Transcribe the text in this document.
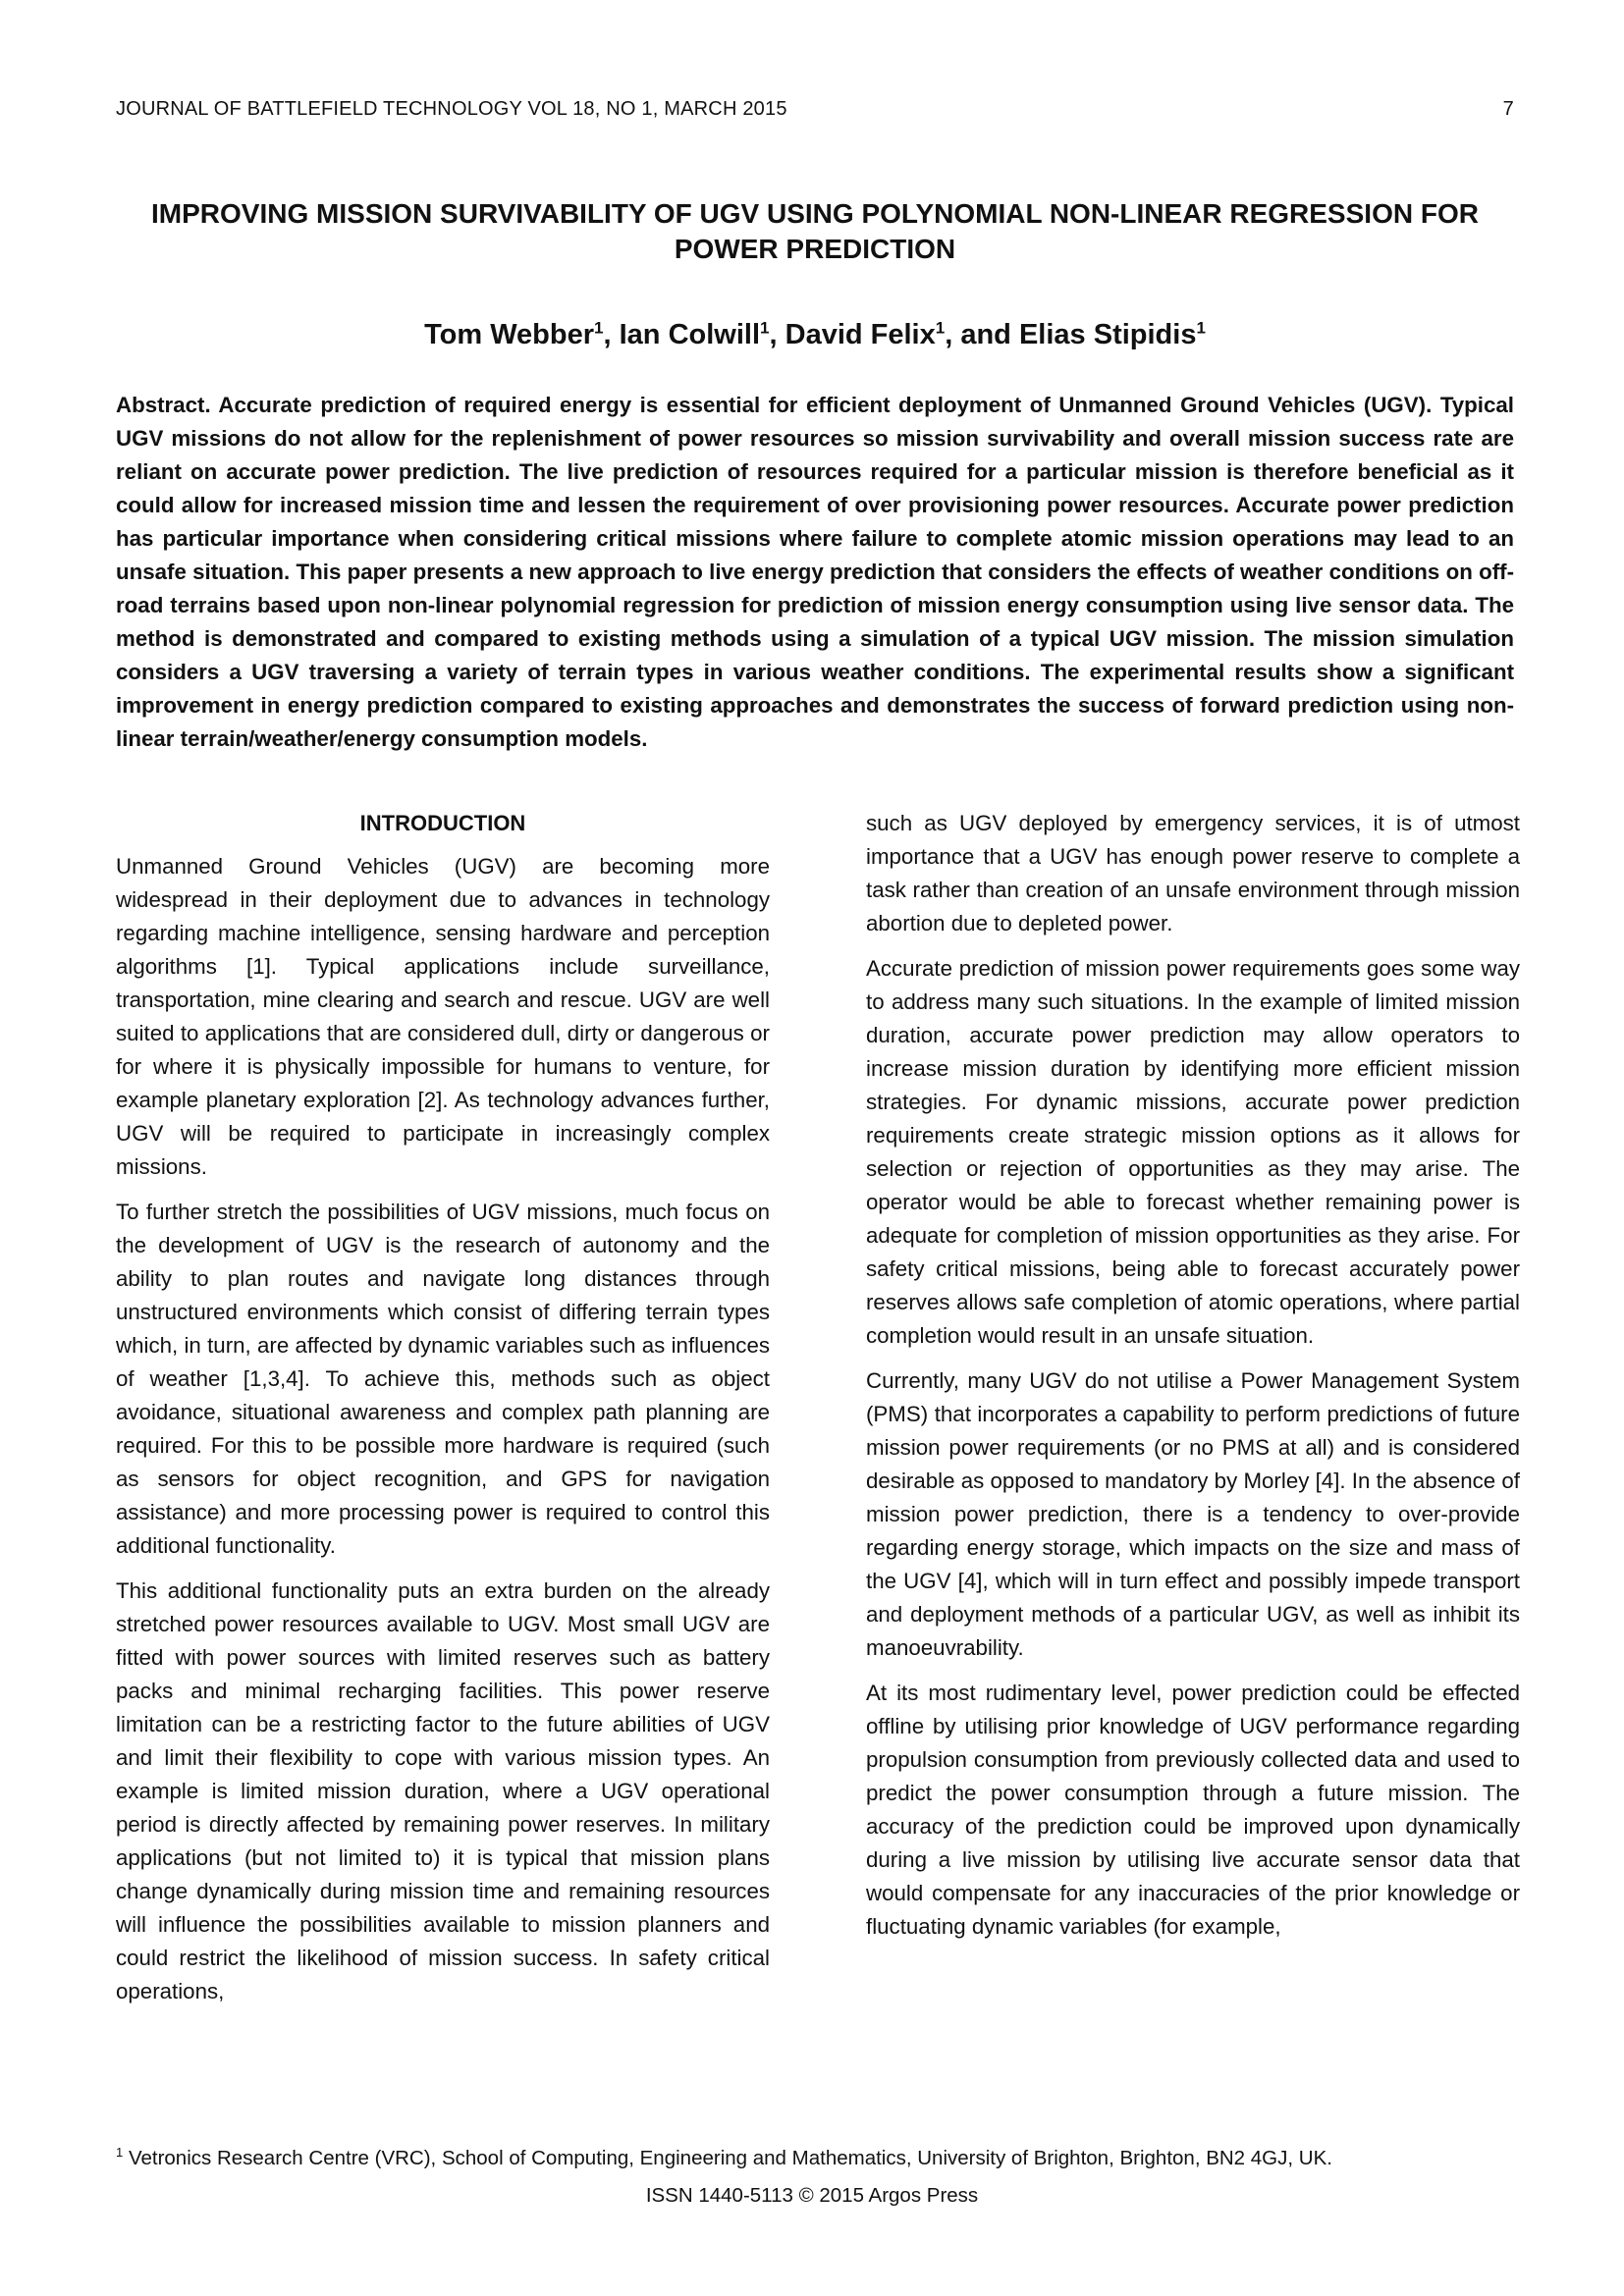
JOURNAL OF BATTLEFIELD TECHNOLOGY VOL 18, NO 1, MARCH 2015	7
IMPROVING MISSION SURVIVABILITY OF UGV USING POLYNOMIAL NON-LINEAR REGRESSION FOR POWER PREDICTION
Tom Webber$^1$, Ian Colwill$^1$, David Felix$^1$, and Elias Stipidis$^1$
Abstract. Accurate prediction of required energy is essential for efficient deployment of Unmanned Ground Vehicles (UGV). Typical UGV missions do not allow for the replenishment of power resources so mission survivability and overall mission success rate are reliant on accurate power prediction. The live prediction of resources required for a particular mission is therefore beneficial as it could allow for increased mission time and lessen the requirement of over provisioning power resources. Accurate power prediction has particular importance when considering critical missions where failure to complete atomic mission operations may lead to an unsafe situation. This paper presents a new approach to live energy prediction that considers the effects of weather conditions on off-road terrains based upon non-linear polynomial regression for prediction of mission energy consumption using live sensor data. The method is demonstrated and compared to existing methods using a simulation of a typical UGV mission. The mission simulation considers a UGV traversing a variety of terrain types in various weather conditions. The experimental results show a significant improvement in energy prediction compared to existing approaches and demonstrates the success of forward prediction using non-linear terrain/weather/energy consumption models.
INTRODUCTION

Unmanned Ground Vehicles (UGV) are becoming more widespread in their deployment due to advances in technology regarding machine intelligence, sensing hardware and perception algorithms [1]. Typical applications include surveillance, transportation, mine clearing and search and rescue. UGV are well suited to applications that are considered dull, dirty or dangerous or for where it is physically impossible for humans to venture, for example planetary exploration [2]. As technology advances further, UGV will be required to participate in increasingly complex missions.

To further stretch the possibilities of UGV missions, much focus on the development of UGV is the research of autonomy and the ability to plan routes and navigate long distances through unstructured environments which consist of differing terrain types which, in turn, are affected by dynamic variables such as influences of weather [1,3,4]. To achieve this, methods such as object avoidance, situational awareness and complex path planning are required. For this to be possible more hardware is required (such as sensors for object recognition, and GPS for navigation assistance) and more processing power is required to control this additional functionality.

This additional functionality puts an extra burden on the already stretched power resources available to UGV. Most small UGV are fitted with power sources with limited reserves such as battery packs and minimal recharging facilities. This power reserve limitation can be a restricting factor to the future abilities of UGV and limit their flexibility to cope with various mission types. An example is limited mission duration, where a UGV operational period is directly affected by remaining power reserves. In military applications (but not limited to) it is typical that mission plans change dynamically during mission time and remaining resources will influence the possibilities available to mission planners and could restrict the likelihood of mission success. In safety critical operations,

such as UGV deployed by emergency services, it is of utmost importance that a UGV has enough power reserve to complete a task rather than creation of an unsafe environment through mission abortion due to depleted power.

Accurate prediction of mission power requirements goes some way to address many such situations. In the example of limited mission duration, accurate power prediction may allow operators to increase mission duration by identifying more efficient mission strategies. For dynamic missions, accurate power prediction requirements create strategic mission options as it allows for selection or rejection of opportunities as they may arise. The operator would be able to forecast whether remaining power is adequate for completion of mission opportunities as they arise. For safety critical missions, being able to forecast accurately power reserves allows safe completion of atomic operations, where partial completion would result in an unsafe situation.

Currently, many UGV do not utilise a Power Management System (PMS) that incorporates a capability to perform predictions of future mission power requirements (or no PMS at all) and is considered desirable as opposed to mandatory by Morley [4]. In the absence of mission power prediction, there is a tendency to over-provide regarding energy storage, which impacts on the size and mass of the UGV [4], which will in turn effect and possibly impede transport and deployment methods of a particular UGV, as well as inhibit its manoeuvrability.

At its most rudimentary level, power prediction could be effected offline by utilising prior knowledge of UGV performance regarding propulsion consumption from previously collected data and used to predict the power consumption through a future mission. The accuracy of the prediction could be improved upon dynamically during a live mission by utilising live accurate sensor data that would compensate for any inaccuracies of the prior knowledge or fluctuating dynamic variables (for example,

$^1$ Vetronics Research Centre (VRC), School of Computing, Engineering and Mathematics, University of Brighton, Brighton, BN2 4GJ, UK.
ISSN 1440-5113 © 2015 Argos Press
